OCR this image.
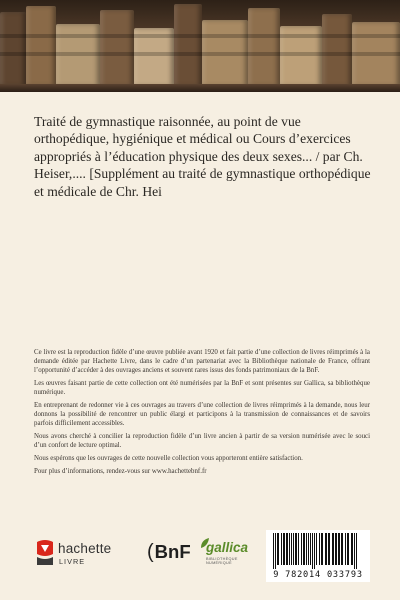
Traité de gymnastique raisonnée, au point de vue orthopédique, hygiénique et médical ou Cours d’exercices appropriés à l’éducation physique des deux sexes... / par Ch. Heiser,.... [Supplément au traité de gymnastique orthopédique et médicale de Chr. Hei

Ce livre est la reproduction fidèle d’une œuvre publiée avant 1920 et fait partie d’une collection de livres réimprimés à la demande éditée par Hachette Livre, dans le cadre d’un partenariat avec la Bibliothèque nationale de France, offrant l’opportunité d’accéder à des ouvrages anciens et souvent rares issus des fonds patrimoniaux de la BnF.

Les œuvres faisant partie de cette collection ont été numérisées par la BnF et sont présentes sur Gallica, sa bibliothèque numérique.

En entreprenant de redonner vie à ces ouvrages au travers d’une collection de livres réimprimés à la demande, nous leur donnons la possibilité de rencontrer un public élargi et participons à la transmission de connaissances et de savoirs parfois difficilement accessibles.

Nous avons cherché à concilier la reproduction fidèle d’un livre ancien à partir de sa version numérisée avec le souci d’un confort de lecture optimal.

Nous espérons que les ouvrages de cette nouvelle collection vous apporteront entière satisfaction.

Pour plus d’informations, rendez-vous sur www.hachettebnf.fr

hachette
LIVRE	(BnF gallica
BIBLIOTHÈQUE
NUMÉRIQUE
9 782014 033793
